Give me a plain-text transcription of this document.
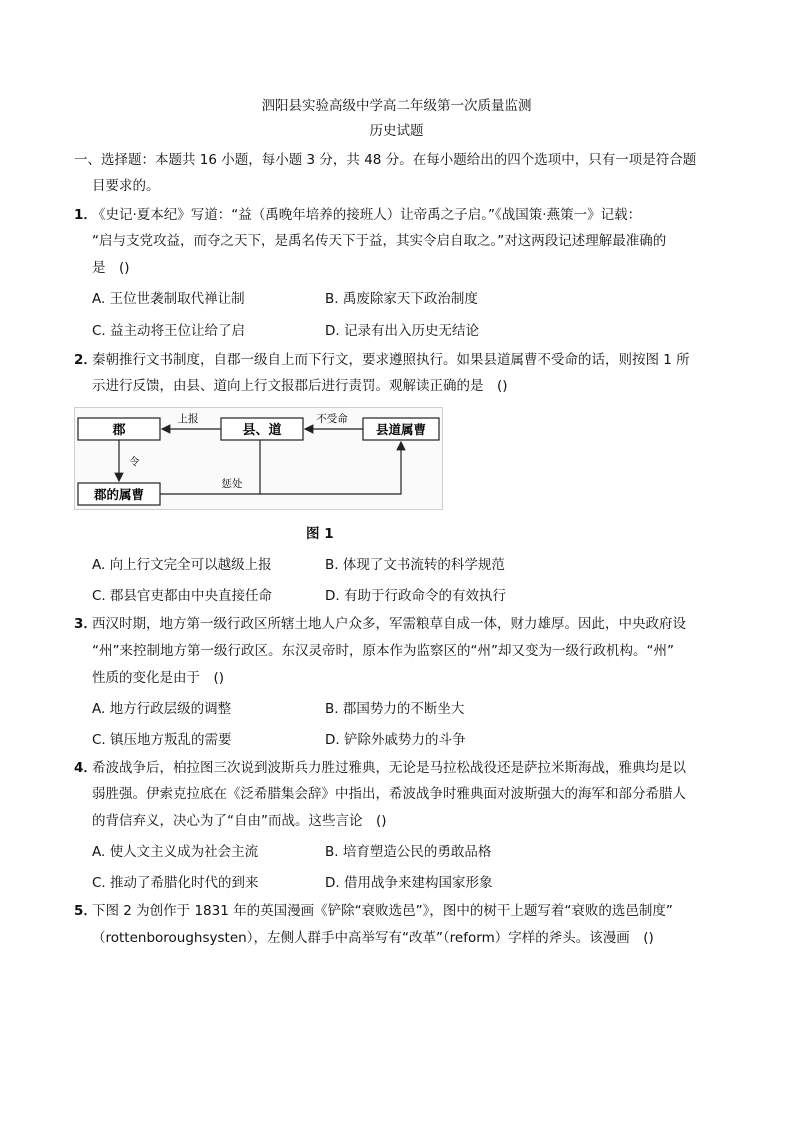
泗阳县实验高级中学高二年级第一次质量监测
历史试题
一、选择题：本题共 16 小题，每小题 3 分，共 48 分。在每小题给出的四个选项中，只有一项是符合题
目要求的。
1．
《史记·夏本纪》写道：“益（禹晚年培养的接班人）让帝禹之子启。”《战国策·燕策一》记载：
“启与支党攻益，而夺之天下，是禹名传天下于益，其实令启自取之。”对这两段记述理解最准确的
是　()
A. 王位世袭制取代禅让制	B. 禹废除家天下政治制度
C. 益主动将王位让给了启	D. 记录有出入历史无结论
2．
秦朝推行文书制度，自郡一级自上而下行文，要求遵照执行。如果县道属曹不受命的话，则按图 1 所
示进行反馈，由县、道向上行文报郡后进行责罚。观解读正确的是　()
郡	县、道	县道属曹
郡的属曹
上报	不受命
令
惩处
图 1
A. 向上行文完全可以越级上报	B. 体现了文书流转的科学规范
C. 郡县官吏都由中央直接任命	D. 有助于行政命令的有效执行
3．
西汉时期，地方第一级行政区所辖土地人户众多，军需粮草自成一体，财力雄厚。因此，中央政府设
“州”来控制地方第一级行政区。东汉灵帝时，原本作为监察区的“州”却又变为一级行政机构。“州”
性质的变化是由于　()
A. 地方行政层级的调整	B. 郡国势力的不断坐大
C. 镇压地方叛乱的需要	D. 铲除外戚势力的斗争
4．
希波战争后，柏拉图三次说到波斯兵力胜过雅典，无论是马拉松战役还是萨拉米斯海战，雅典均是以
弱胜强。伊索克拉底在《泛希腊集会辞》中指出，希波战争时雅典面对波斯强大的海军和部分希腊人
的背信弃义，决心为了“自由”而战。这些言论　()
A. 使人文主义成为社会主流	B. 培育塑造公民的勇敢品格
C. 推动了希腊化时代的到来	D. 借用战争来建构国家形象
5．
下图 2 为创作于 1831 年的英国漫画《铲除“衰败选邑”》，图中的树干上题写着“衰败的选邑制度”
（rottenboroughsysten），左侧人群手中高举写有“改革”（reform）字样的斧头。该漫画　()
